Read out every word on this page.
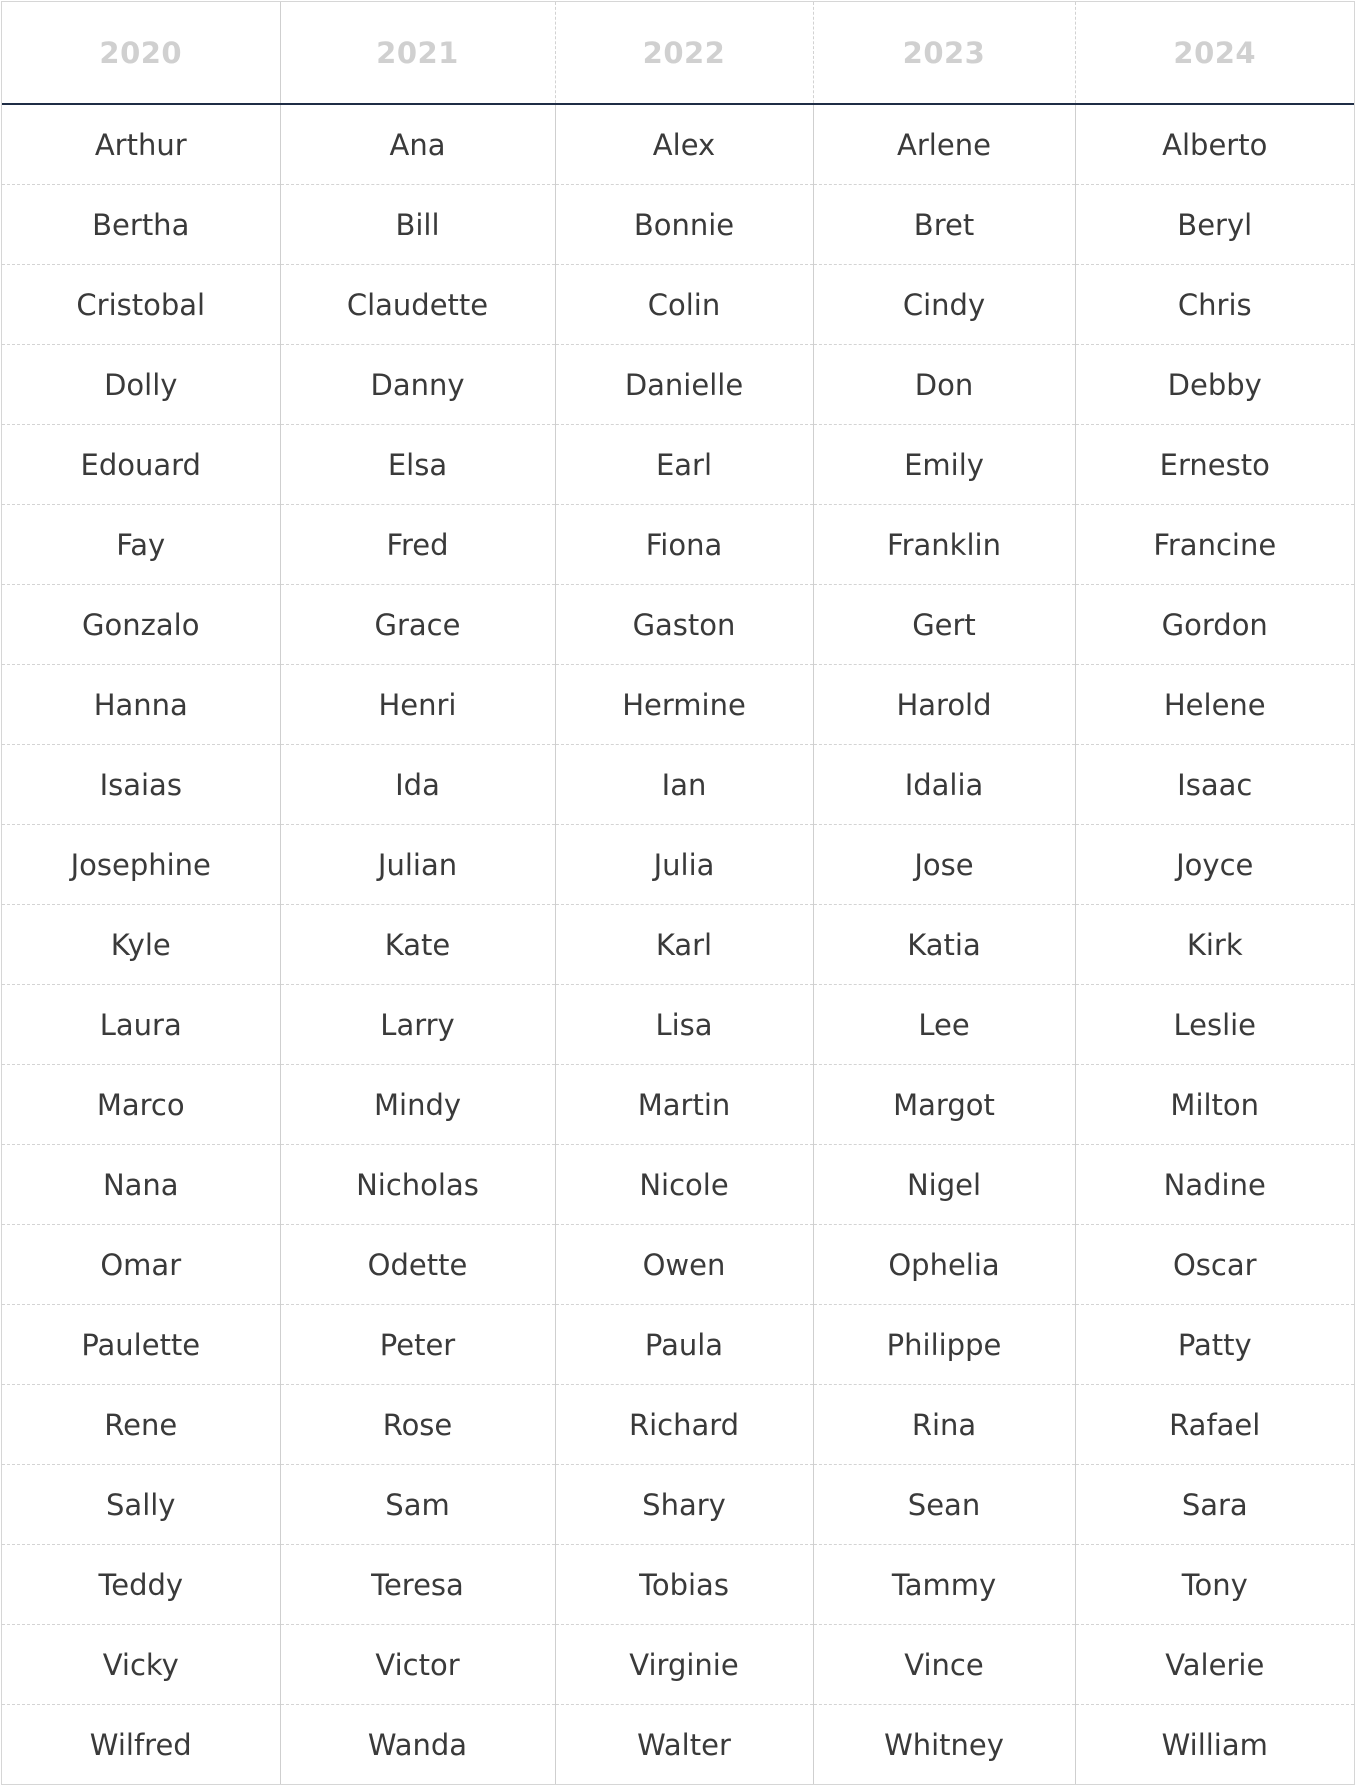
2020	2021	2022	2023	2024
Arthur	Ana	Alex	Arlene	Alberto
Bertha	Bill	Bonnie	Bret	Beryl
Cristobal	Claudette	Colin	Cindy	Chris
Dolly	Danny	Danielle	Don	Debby
Edouard	Elsa	Earl	Emily	Ernesto
Fay	Fred	Fiona	Franklin	Francine
Gonzalo	Grace	Gaston	Gert	Gordon
Hanna	Henri	Hermine	Harold	Helene
Isaias	Ida	Ian	Idalia	Isaac
Josephine	Julian	Julia	Jose	Joyce
Kyle	Kate	Karl	Katia	Kirk
Laura	Larry	Lisa	Lee	Leslie
Marco	Mindy	Martin	Margot	Milton
Nana	Nicholas	Nicole	Nigel	Nadine
Omar	Odette	Owen	Ophelia	Oscar
Paulette	Peter	Paula	Philippe	Patty
Rene	Rose	Richard	Rina	Rafael
Sally	Sam	Shary	Sean	Sara
Teddy	Teresa	Tobias	Tammy	Tony
Vicky	Victor	Virginie	Vince	Valerie
Wilfred	Wanda	Walter	Whitney	William
